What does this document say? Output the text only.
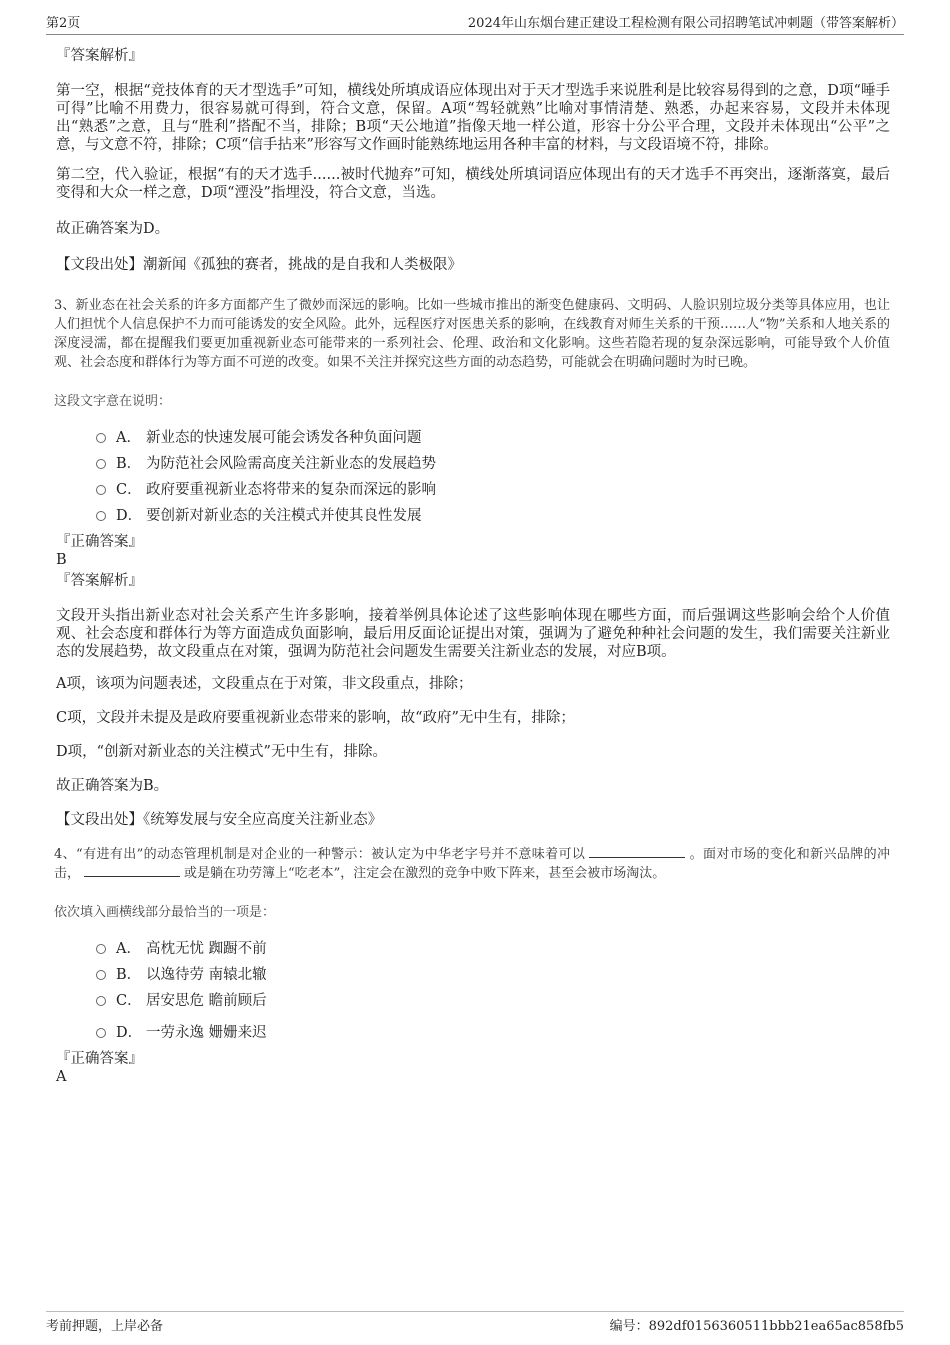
第2页	2024年山东烟台建正建设工程检测有限公司招聘笔试冲刺题（带答案解析）

『答案解析』

第一空，根据“竞技体育的天才型选手”可知，横线处所填成语应体现出对于天才型选手来说胜利是比较容易得到的之意，D项“唾手可得”比喻不用费力，很容易就可得到，符合文意，保留。A项“驾轻就熟”比喻对事情清楚、熟悉，办起来容易，文段并未体现出“熟悉”之意，且与“胜利”搭配不当，排除；B项“天公地道”指像天地一样公道，形容十分公平合理，文段并未体现出“公平”之意，与文意不符，排除；C项“信手拈来”形容写文作画时能熟练地运用各种丰富的材料，与文段语境不符，排除。

第二空，代入验证，根据“有的天才选手......被时代抛弃”可知，横线处所填词语应体现出有的天才选手不再突出，逐渐落寞，最后变得和大众一样之意，D项“湮没”指埋没，符合文意，当选。

故正确答案为D。

【文段出处】潮新闻《孤独的赛者，挑战的是自我和人类极限》

3、新业态在社会关系的许多方面都产生了微妙而深远的影响。比如一些城市推出的渐变色健康码、文明码、人脸识别垃圾分类等具体应用，也让人们担忧个人信息保护不力而可能诱发的安全风险。此外，远程医疗对医患关系的影响，在线教育对师生关系的干预……人“物”关系和人地关系的深度浸濡，都在提醒我们要更加重视新业态可能带来的一系列社会、伦理、政治和文化影响。这些若隐若现的复杂深远影响，可能导致个人价值观、社会态度和群体行为等方面不可逆的改变。如果不关注并探究这些方面的动态趋势，可能就会在明确问题时为时已晚。

这段文字意在说明：

A． 新业态的快速发展可能会诱发各种负面问题
B． 为防范社会风险需高度关注新业态的发展趋势
C． 政府要重视新业态将带来的复杂而深远的影响
D． 要创新对新业态的关注模式并使其良性发展

『正确答案』

B

『答案解析』

文段开头指出新业态对社会关系产生许多影响，接着举例具体论述了这些影响体现在哪些方面，而后强调这些影响会给个人价值观、社会态度和群体行为等方面造成负面影响，最后用反面论证提出对策，强调为了避免种种社会问题的发生，我们需要关注新业态的发展趋势，故文段重点在对策，强调为防范社会问题发生需要关注新业态的发展，对应B项。

A项，该项为问题表述，文段重点在于对策，非文段重点，排除；

C项，文段并未提及是政府要重视新业态带来的影响，故“政府”无中生有，排除；

D项，“创新对新业态的关注模式”无中生有，排除。

故正确答案为B。

【文段出处】《统筹发展与安全应高度关注新业态》

4、“有进有出”的动态管理机制是对企业的一种警示：被认定为中华老字号并不意味着可以	。面对市场的变化和新兴品牌的冲击，	或是躺在功劳簿上“吃老本”，注定会在激烈的竞争中败下阵来，甚至会被市场淘汰。

依次填入画横线部分最恰当的一项是：

A． 高枕无忧 踟蹰不前
B． 以逸待劳 南辕北辙
C． 居安思危 瞻前顾后
D． 一劳永逸 姗姗来迟

『正确答案』

A

考前押题，上岸必备	编号：892df0156360511bbb21ea65ac858fb5
